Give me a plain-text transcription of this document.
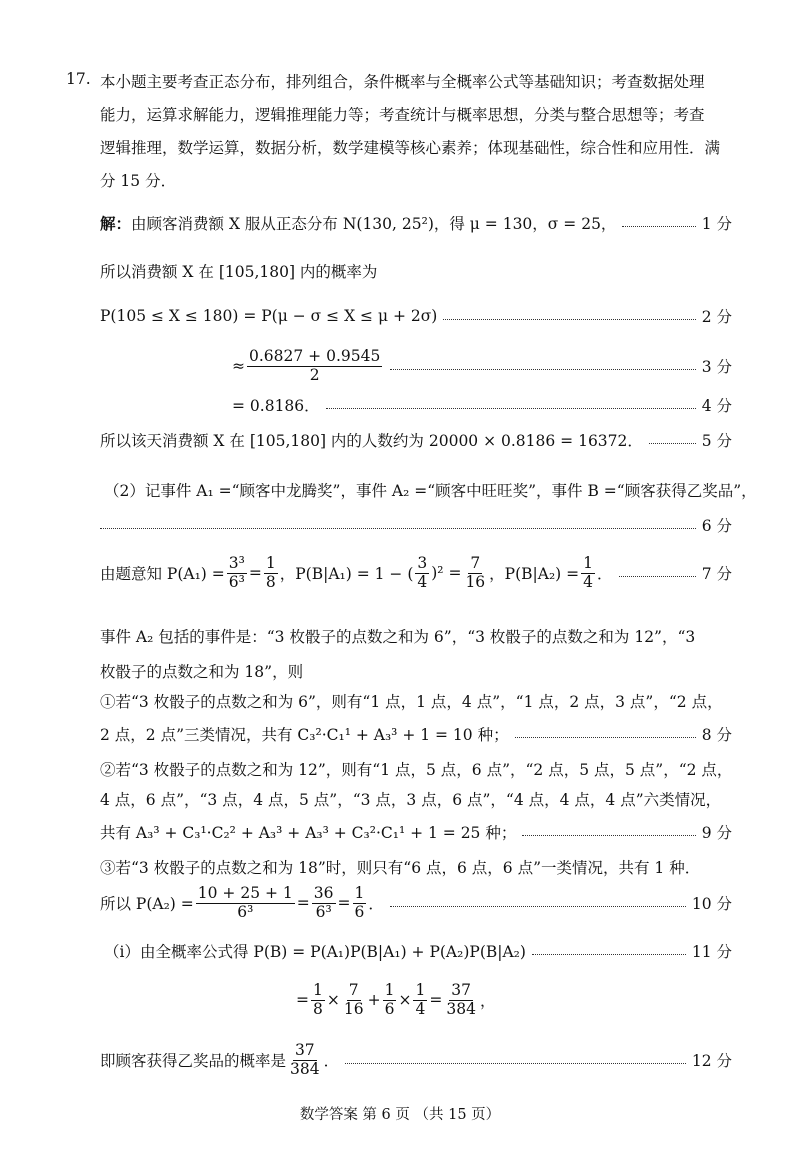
17. 本小题主要考查正态分布，排列组合，条件概率与全概率公式等基础知识；考查数据处理
能力，运算求解能力，逻辑推理能力等；考查统计与概率思想，分类与整合思想等；考查
逻辑推理，数学运算，数据分析，数学建模等核心素养；体现基础性，综合性和应用性．满
分 15 分．
解： 由顾客消费额 X 服从正态分布 N(130, 25²)，得 μ = 130，σ = 25，	1 分
所以消费额 X 在 [105,180] 内的概率为
P(105 ≤ X ≤ 180) = P(μ − σ ≤ X ≤ μ + 2σ)	2 分
≈ $\frac{0.6827 + 0.9545}{2}$	3 分
= 0.8186．	4 分
所以该天消费额 X 在 [105,180] 内的人数约为 20000 × 0.8186 = 16372．	5 分
（2）记事件 A₁ =“顾客中龙腾奖”，事件 A₂ =“顾客中旺旺奖”，事件 B =“顾客获得乙奖品”，
6 分
由题意知 $P(A_1) = \frac{\text{3³}}{\text{6³}} = \frac{1}{8}$ ，P(B|A₁) = 1 − ( $\frac{3}{4} )^2 = \frac{7}{16}$ ，$P(B|A_2) = \frac{1}{4}$ ．	7 分
事件 A₂ 包括的事件是：“3 枚骰子的点数之和为 6”，“3 枚骰子的点数之和为 12”，“3
枚骰子的点数之和为 18”，则
①若“3 枚骰子的点数之和为 6”，则有“1 点，1 点，4 点”，“1 点，2 点，3 点”，“2 点，
2 点，2 点”三类情况，共有 C₃²·C₁¹ + A₃³ + 1 = 10 种；	8 分
②若“3 枚骰子的点数之和为 12”，则有“1 点，5 点，6 点”，“2 点，5 点，5 点”，“2 点，
4 点，6 点”，“3 点，4 点，5 点”，“3 点，3 点，6 点”，“4 点，4 点，4 点”六类情况，
共有 A₃³ + C₃¹·C₂² + A₃³ + A₃³ + C₃²·C₁¹ + 1 = 25 种；	9 分
③若“3 枚骰子的点数之和为 18”时，则只有“6 点，6 点，6 点”一类情况，共有 1 种．
所以 $P(A_2) = \frac{10 + 25 + 1}{\text{6³}} = \frac{36}{\text{6³}} = \frac{1}{6}$ ．	10 分
（i）由全概率公式得 P(B) = P(A₁)P(B|A₁) + P(A₂)P(B|A₂)	11 分
= $\frac{1}{8} \times \frac{7}{16} + \frac{1}{6} \times \frac{1}{4} = \frac{37}{384}$ ，
即顾客获得乙奖品的概率是 $\frac{37}{384}$ ．	12 分
数学答案 第 6 页 （共 15 页）
